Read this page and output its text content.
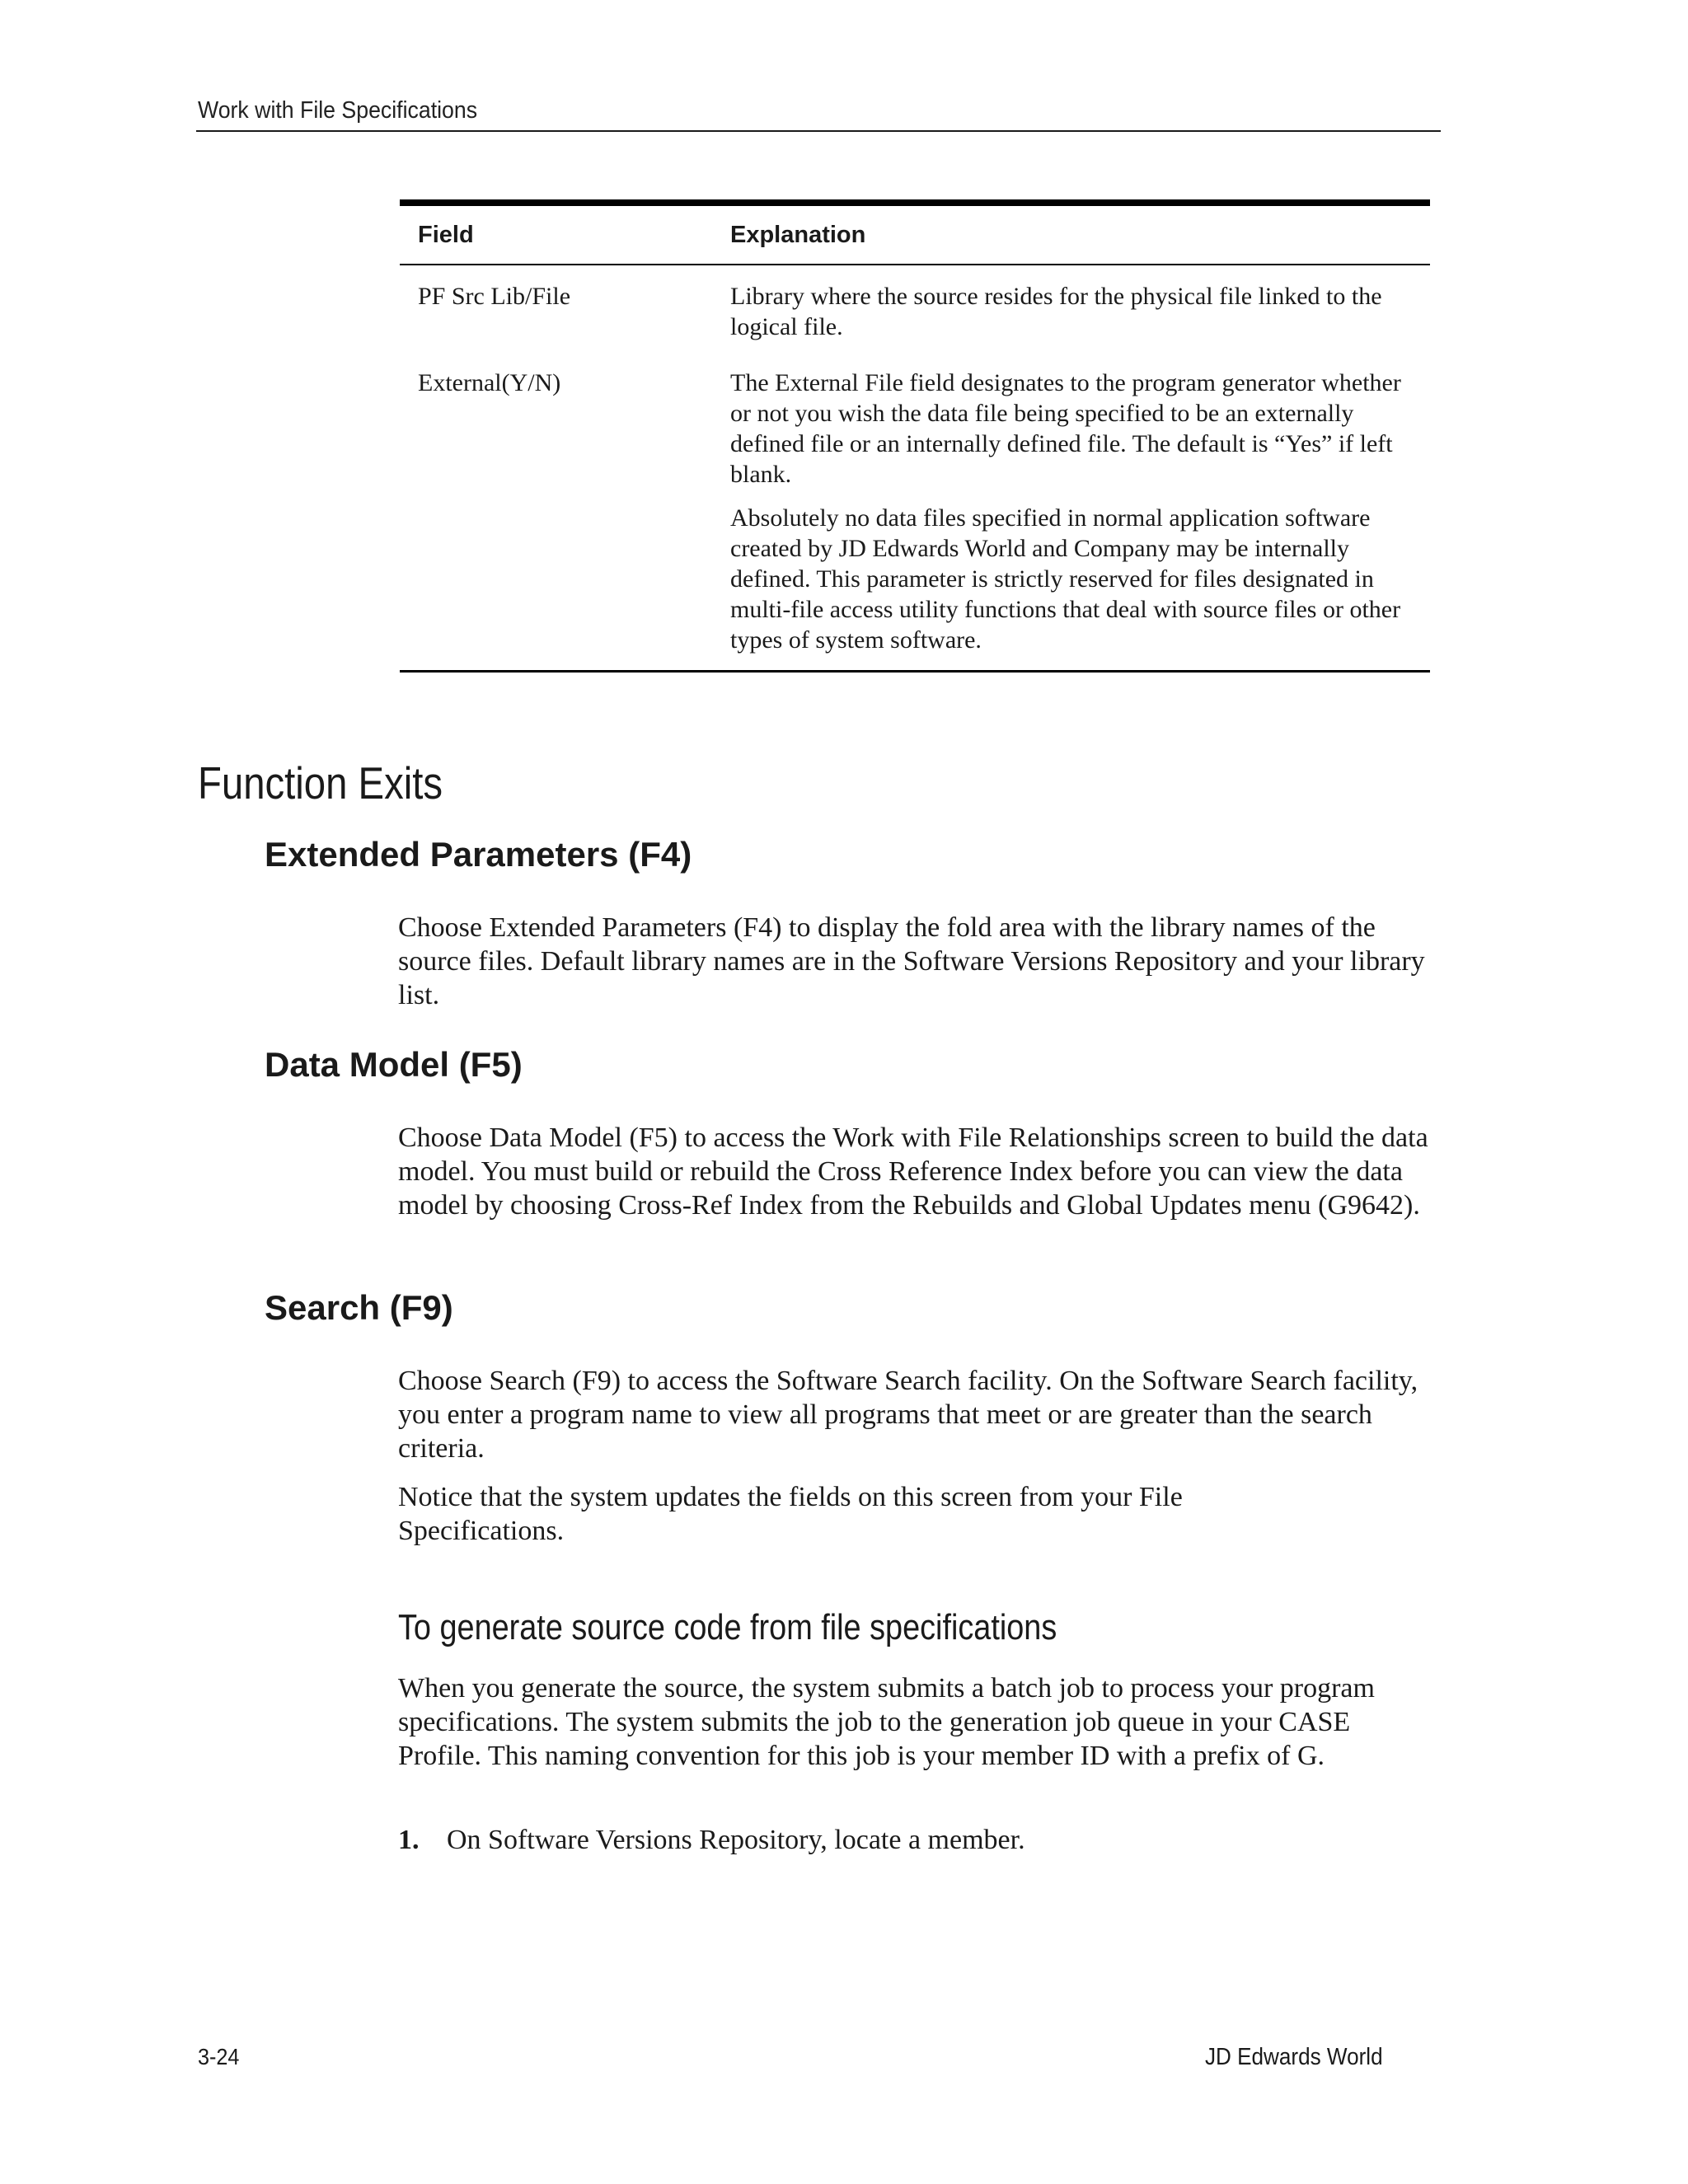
Work with File Specifications
Field	Explanation
PF Src Lib/File	Library where the source resides for the physical file linked to the logical file.

External(Y/N)	The External File field designates to the program generator whether or not you wish the data file being specified to be an externally defined file or an internally defined file. The default is “Yes” if left blank.

Absolutely no data files specified in normal application software created by JD Edwards World and Company may be internally defined. This parameter is strictly reserved for files designated in multi-file access utility functions that deal with source files or other types of system software.

Function Exits
Extended Parameters (F4)

Choose Extended Parameters (F4) to display the fold area with the library names of the source files. Default library names are in the Software Versions Repository and your library list.

Data Model (F5)

Choose Data Model (F5) to access the Work with File Relationships screen to build the data model. You must build or rebuild the Cross Reference Index before you can view the data model by choosing Cross-Ref Index from the Rebuilds and Global Updates menu (G9642).

Search (F9)

Choose Search (F9) to access the Software Search facility. On the Software Search facility, you enter a program name to view all programs that meet or are greater than the search criteria.

Notice that the system updates the fields on this screen from your File Specifications.

To generate source code from file specifications

When you generate the source, the system submits a batch job to process your program specifications. The system submits the job to the generation job queue in your CASE Profile. This naming convention for this job is your member ID with a prefix of G.

1. On Software Versions Repository, locate a member.
3-24	JD Edwards World
